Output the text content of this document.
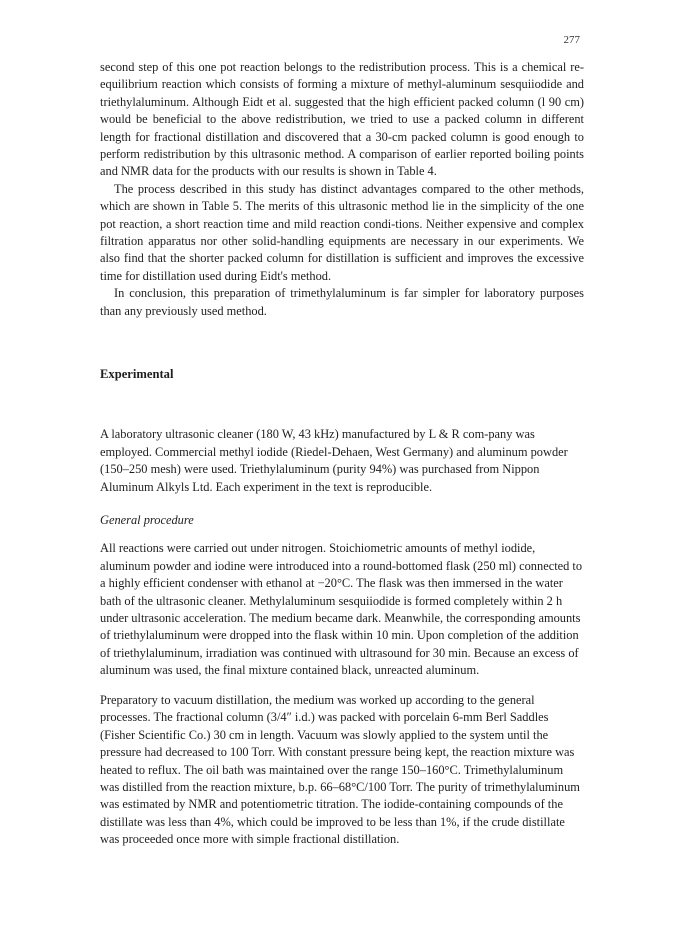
277

second step of this one pot reaction belongs to the redistribution process. This is a chemical re-equilibrium reaction which consists of forming a mixture of methyl-aluminum sesquiiodide and triethylaluminum. Although Eidt et al. suggested that the high efficient packed column (l 90 cm) would be beneficial to the above redistribution, we tried to use a packed column in different length for fractional distillation and discovered that a 30-cm packed column is good enough to perform redistribution by this ultrasonic method. A comparison of earlier reported boiling points and NMR data for the products with our results is shown in Table 4.

The process described in this study has distinct advantages compared to the other methods, which are shown in Table 5. The merits of this ultrasonic method lie in the simplicity of the one pot reaction, a short reaction time and mild reaction condi-tions. Neither expensive and complex filtration apparatus nor other solid-handling equipments are necessary in our experiments. We also find that the shorter packed column for distillation is sufficient and improves the excessive time for distillation used during Eidt's method.

In conclusion, this preparation of trimethylaluminum is far simpler for laboratory purposes than any previously used method.

Experimental

A laboratory ultrasonic cleaner (180 W, 43 kHz) manufactured by L & R com-pany was employed. Commercial methyl iodide (Riedel-Dehaen, West Germany) and aluminum powder (150–250 mesh) were used. Triethylaluminum (purity 94%) was purchased from Nippon Aluminum Alkyls Ltd. Each experiment in the text is reproducible.

General procedure

All reactions were carried out under nitrogen. Stoichiometric amounts of methyl iodide, aluminum powder and iodine were introduced into a round-bottomed flask (250 ml) connected to a highly efficient condenser with ethanol at −20°C. The flask was then immersed in the water bath of the ultrasonic cleaner. Methylaluminum sesquiiodide is formed completely within 2 h under ultrasonic acceleration. The medium became dark. Meanwhile, the corresponding amounts of triethylaluminum were dropped into the flask within 10 min. Upon completion of the addition of triethylaluminum, irradiation was continued with ultrasound for 30 min. Because an excess of aluminum was used, the final mixture contained black, unreacted aluminum.

Preparatory to vacuum distillation, the medium was worked up according to the general processes. The fractional column (3/4″ i.d.) was packed with porcelain 6-mm Berl Saddles (Fisher Scientific Co.) 30 cm in length. Vacuum was slowly applied to the system until the pressure had decreased to 100 Torr. With constant pressure being kept, the reaction mixture was heated to reflux. The oil bath was maintained over the range 150–160°C. Trimethylaluminum was distilled from the reaction mixture, b.p. 66–68°C/100 Torr. The purity of trimethylaluminum was estimated by NMR and potentiometric titration. The iodide-containing compounds of the distillate was less than 4%, which could be improved to be less than 1%, if the crude distillate was proceeded once more with simple fractional distillation.
